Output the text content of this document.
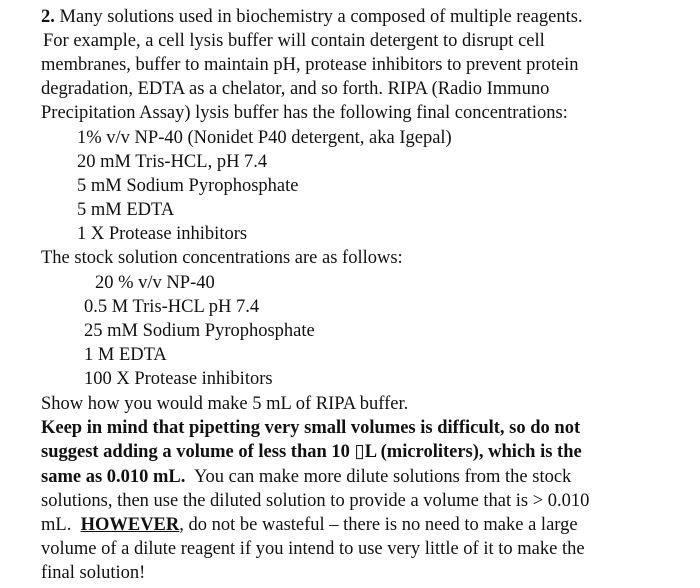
2. Many solutions used in biochemistry a composed of multiple reagents.
For example, a cell lysis buffer will contain detergent to disrupt cell
membranes, buffer to maintain pH, protease inhibitors to prevent protein
degradation, EDTA as a chelator, and so forth. RIPA (Radio Immuno
Precipitation Assay) lysis buffer has the following final concentrations:
1% v/v NP-40 (Nonidet P40 detergent, aka Igepal)
20 mM Tris-HCL, pH 7.4
5 mM Sodium Pyrophosphate
5 mM EDTA
1 X Protease inhibitors
The stock solution concentrations are as follows:
20 % v/v NP-40
0.5 M Tris-HCL pH 7.4
25 mM Sodium Pyrophosphate
1 M EDTA
100 X Protease inhibitors
Show how you would make 5 mL of RIPA buffer.
Keep in mind that pipetting very small volumes is difficult, so do not
suggest adding a volume of less than 10 ▯L (microliters), which is the
same as 0.010 mL. You can make more dilute solutions from the stock
solutions, then use the diluted solution to provide a volume that is > 0.010
mL. HOWEVER, do not be wasteful – there is no need to make a large
volume of a dilute reagent if you intend to use very little of it to make the
final solution!
